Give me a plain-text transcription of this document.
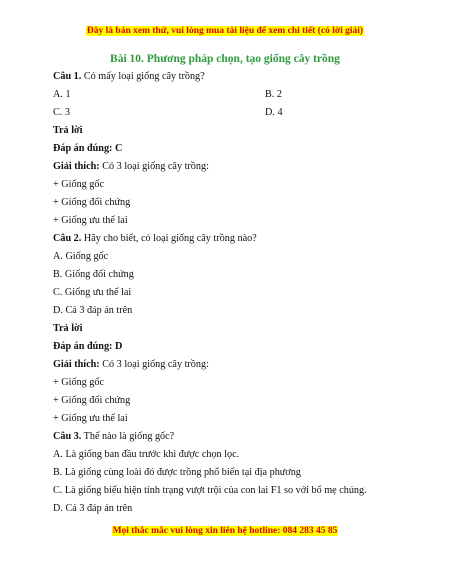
Đây là bản xem thử, vui lòng mua tài liệu để xem chi tiết (có lời giải)
Bài 10. Phương pháp chọn, tạo giống cây trồng
Câu 1. Có mấy loại giống cây trồng?
A. 1	B. 2
C. 3	D. 4
Trả lời
Đáp án đúng: C
Giải thích: Có 3 loại giống cây trồng:
+ Giống gốc
+ Giống đối chứng
+ Giống ưu thế lai
Câu 2. Hãy cho biết, có loại giống cây trồng nào?
A. Giống gốc
B. Giống đối chứng
C. Giống ưu thế lai
D. Cả 3 đáp án trên
Trả lời
Đáp án đúng: D
Giải thích: Có 3 loại giống cây trồng:
+ Giống gốc
+ Giống đối chứng
+ Giống ưu thế lai
Câu 3. Thế nào là giống gốc?
A. Là giống ban đầu trước khi được chọn lọc.
B. Là giống cùng loài đó được trồng phổ biến tại địa phương
C. Là giống biểu hiện tính trạng vượt trội của con lai F1 so với bố mẹ chúng.
D. Cả 3 đáp án trên
Mọi thắc mắc vui lòng xin liên hệ hotline: 084 283 45 85
